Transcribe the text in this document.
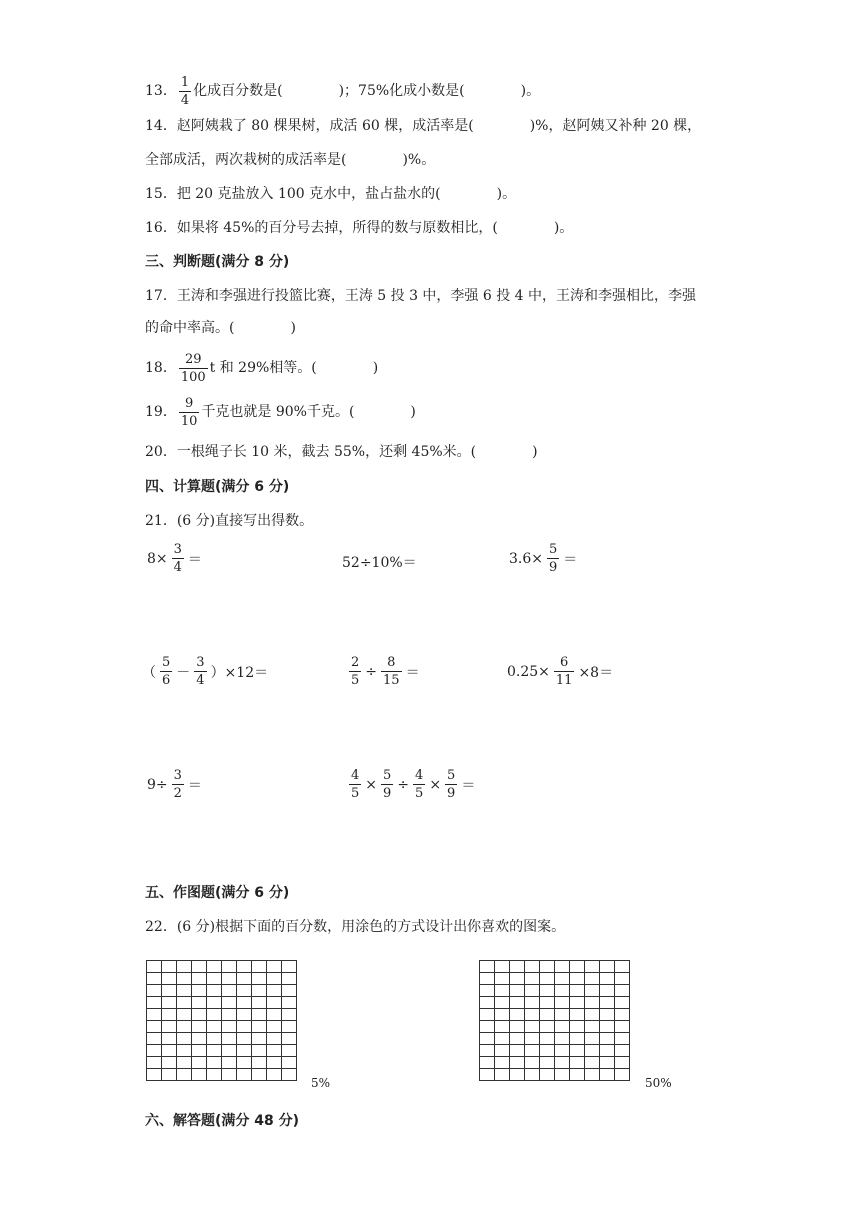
13． $\frac{1}{4}$ 化成百分数是(　　　　)；75%化成小数是(　　　　)。
14．赵阿姨栽了 80 棵果树，成活 60 棵，成活率是(　　　　)%，赵阿姨又补种 20 棵，
全部成活，两次栽树的成活率是(　　　　)%。
15．把 20 克盐放入 100 克水中，盐占盐水的(　　　　)。
16．如果将 45%的百分号去掉，所得的数与原数相比，(　　　　)。
三、判断题(满分 8 分)
17．王涛和李强进行投篮比赛，王涛 5 投 3 中，李强 6 投 4 中，王涛和李强相比，李强
的命中率高。(　　　　)
18． $\frac{29}{100}$ t 和 29%相等。(　　　　)
19． $\frac{9}{10}$ 千克也就是 90%千克。(　　　　)
20．一根绳子长 10 米，截去 55%，还剩 45%米。(　　　　)
四、计算题(满分 6 分)
21．(6 分)直接写出得数。
$8\times \frac{3}{4}$ ＝	52÷10%＝	$3.6\times \frac{5}{9}$ ＝
（ $\frac{5}{6} - \frac{3}{4} )\times 12=$	$\frac{2}{5} \div \frac{8}{15}$ ＝	$0.25\times \frac{6}{11} \times 8=$
$9\div \frac{3}{2}$ ＝	$\frac{4}{5} \times \frac{5}{9} \div \frac{4}{5} \times \frac{5}{9}$ ＝
五、作图题(满分 6 分)
22．(6 分)根据下面的百分数，用涂色的方式设计出你喜欢的图案。

5%

										50%
六、解答题(满分 48 分)
